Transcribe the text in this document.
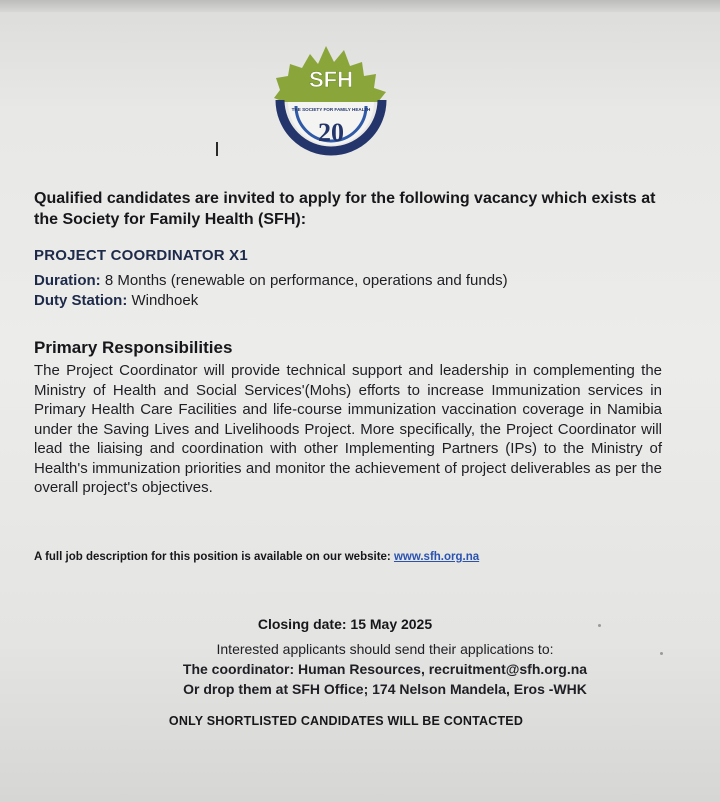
SFH
THE SOCIETY FOR FAMILY HEALTH
20
Qualified candidates are invited to apply for the following vacancy which exists at the Society for Family Health (SFH):
PROJECT COORDINATOR X1
Duration: 8 Months (renewable on performance, operations and funds)
Duty Station: Windhoek
Primary Responsibilities
The Project Coordinator will provide technical support and leadership in complementing the Ministry of Health and Social Services'(Mohs) efforts to increase Immunization services in Primary Health Care Facilities and life-course immunization vaccination coverage in Namibia under the Saving Lives and Livelihoods Project. More specifically, the Project Coordinator will lead the liaising and coordination with other Implementing Partners (IPs) to the Ministry of Health's immunization priorities and monitor the achievement of project deliverables as per the overall project's objectives.
A full job description for this position is available on our website: www.sfh.org.na
Closing date: 15 May 2025
Interested applicants should send their applications to:
The coordinator: Human Resources, recruitment@sfh.org.na
Or drop them at SFH Office; 174 Nelson Mandela, Eros -WHK
ONLY SHORTLISTED CANDIDATES WILL BE CONTACTED
